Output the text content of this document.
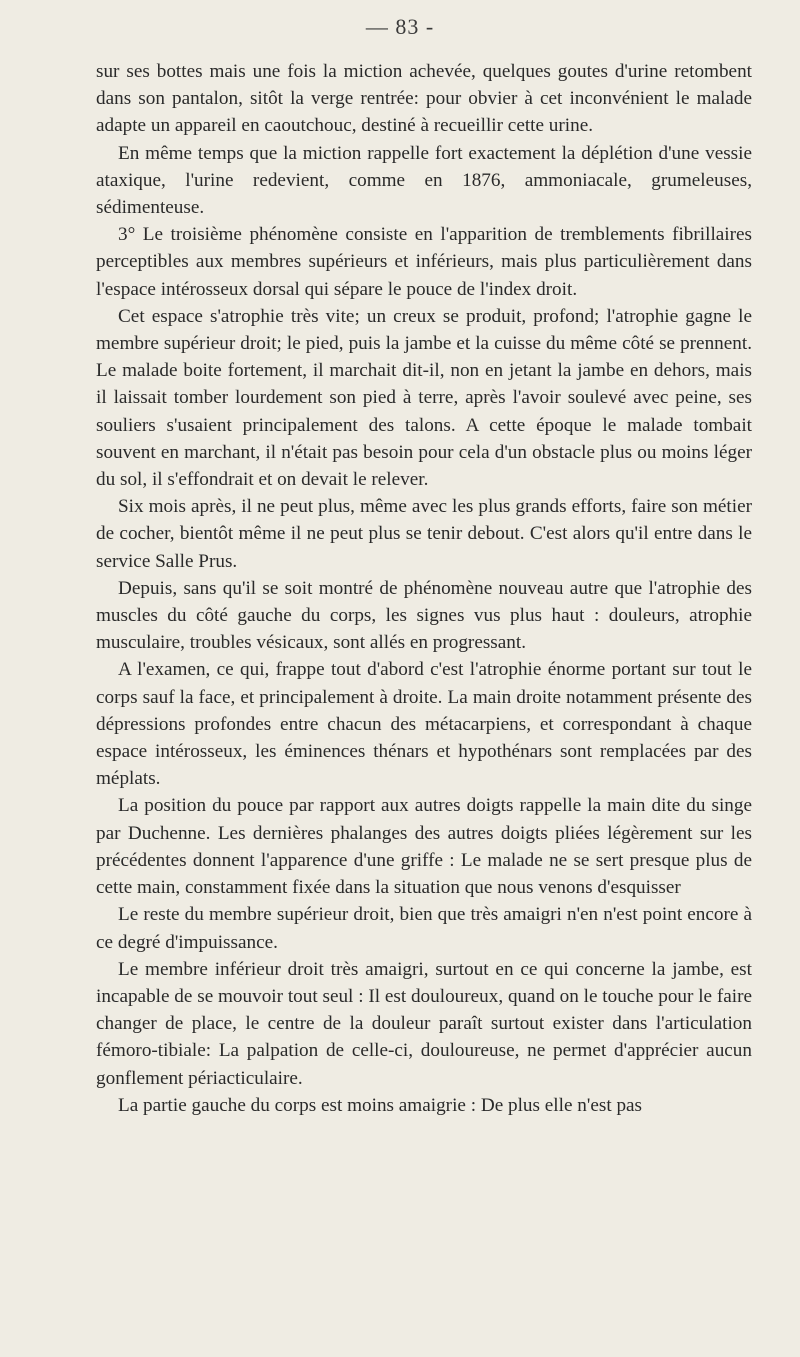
— 83 -

sur ses bottes mais une fois la miction achevée, quelques goutes d'urine retombent dans son pantalon, sitôt la verge rentrée: pour obvier à cet inconvénient le malade adapte un appareil en caoutchouc, destiné à recueillir cette urine.

En même temps que la miction rappelle fort exactement la déplétion d'une vessie ataxique, l'urine redevient, comme en 1876, ammoniacale, grumeleuses, sédimenteuse.

3° Le troisième phénomène consiste en l'apparition de tremblements fibrillaires perceptibles aux membres supérieurs et inférieurs, mais plus particulièrement dans l'espace intérosseux dorsal qui sépare le pouce de l'index droit.

Cet espace s'atrophie très vite; un creux se produit, profond; l'atrophie gagne le membre supérieur droit; le pied, puis la jambe et la cuisse du même côté se prennent. Le malade boite fortement, il marchait dit-il, non en jetant la jambe en dehors, mais il laissait tomber lourdement son pied à terre, après l'avoir soulevé avec peine, ses souliers s'usaient principalement des talons. A cette époque le malade tombait souvent en marchant, il n'était pas besoin pour cela d'un obstacle plus ou moins léger du sol, il s'effondrait et on devait le relever.

Six mois après, il ne peut plus, même avec les plus grands efforts, faire son métier de cocher, bientôt même il ne peut plus se tenir debout. C'est alors qu'il entre dans le service Salle Prus.

Depuis, sans qu'il se soit montré de phénomène nouveau autre que l'atrophie des muscles du côté gauche du corps, les signes vus plus haut : douleurs, atrophie musculaire, troubles vésicaux, sont allés en progressant.

A l'examen, ce qui, frappe tout d'abord c'est l'atrophie énorme portant sur tout le corps sauf la face, et principalement à droite. La main droite notamment présente des dépressions profondes entre chacun des métacarpiens, et correspondant à chaque espace intérosseux, les éminences thénars et hypothénars sont remplacées par des méplats.

La position du pouce par rapport aux autres doigts rappelle la main dite du singe par Duchenne. Les dernières phalanges des autres doigts pliées légèrement sur les précédentes donnent l'apparence d'une griffe : Le malade ne se sert presque plus de cette main, constamment fixée dans la situation que nous venons d'esquisser

Le reste du membre supérieur droit, bien que très amaigri n'en n'est point encore à ce degré d'impuissance.

Le membre inférieur droit très amaigri, surtout en ce qui concerne la jambe, est incapable de se mouvoir tout seul : Il est douloureux, quand on le touche pour le faire changer de place, le centre de la douleur paraît surtout exister dans l'articulation fémoro-tibiale: La palpation de celle-ci, douloureuse, ne permet d'apprécier aucun gonflement périacticulaire.

La partie gauche du corps est moins amaigrie : De plus elle n'est pas
